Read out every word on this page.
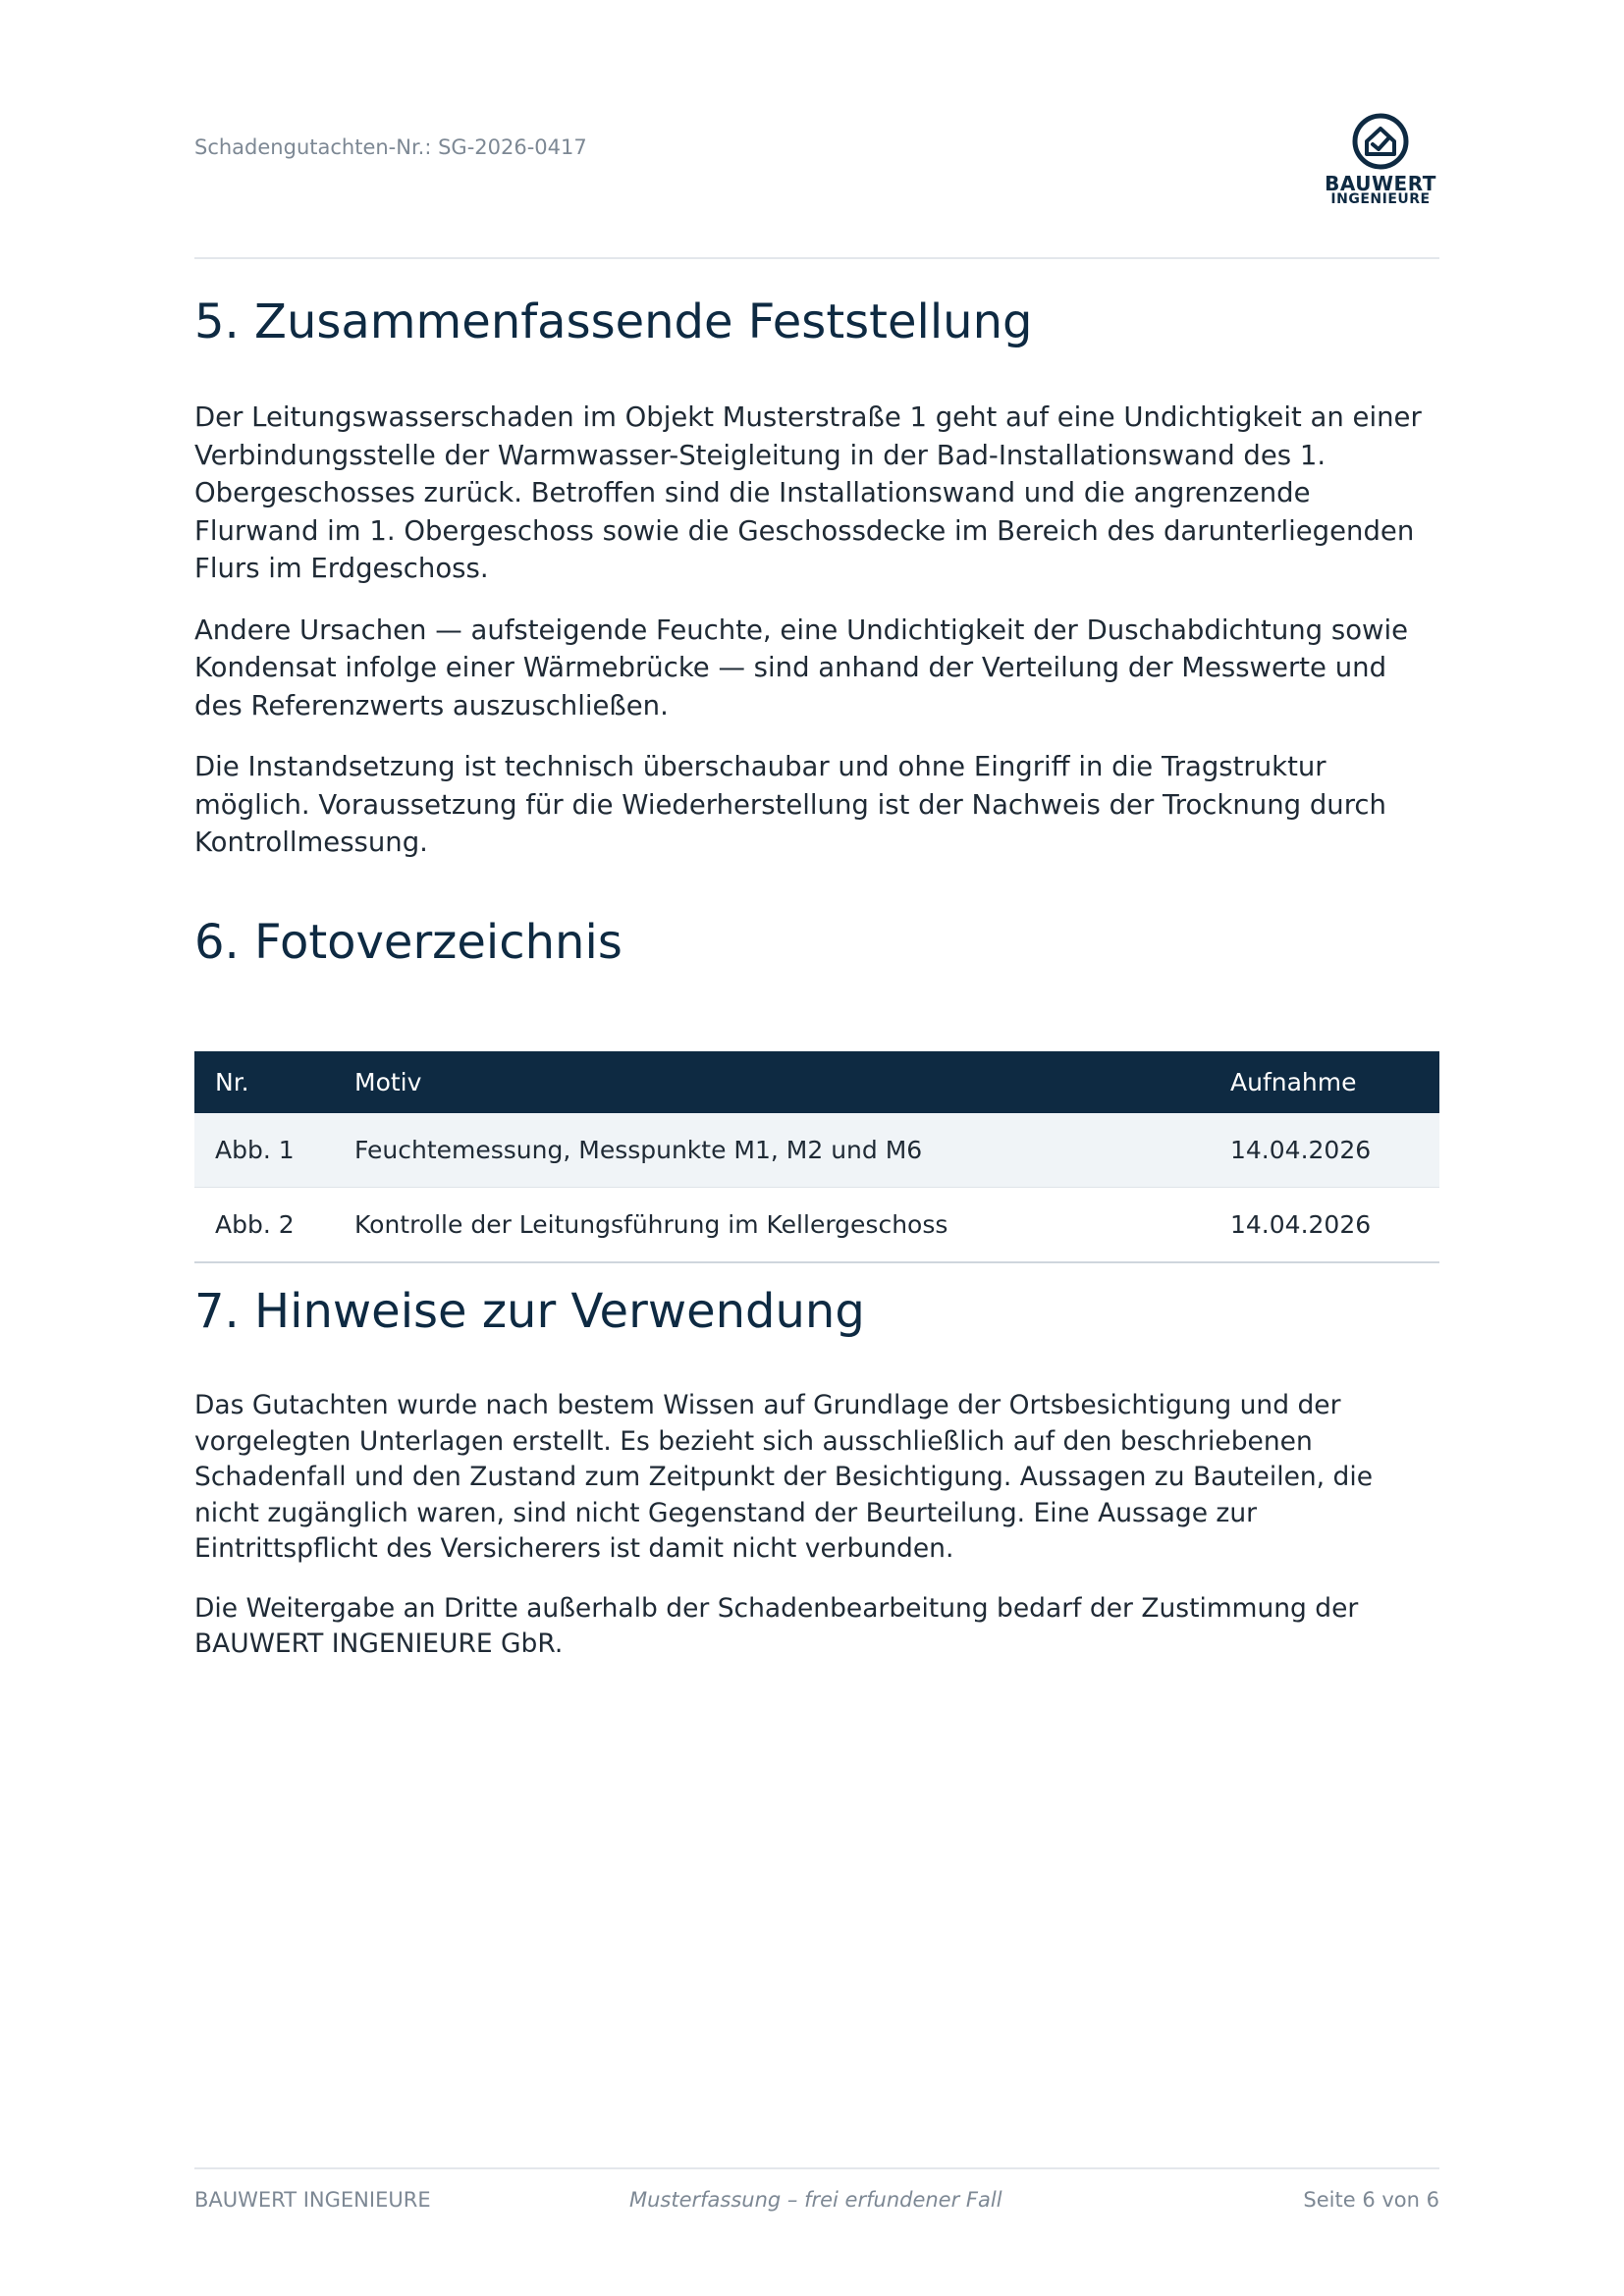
Schadengutachten-Nr.: SG-2026-0417
BAUWERT
INGENIEURE
5. Zusammenfassende Feststellung

Der Leitungswasserschaden im Objekt Musterstraße 1 geht auf eine Undichtigkeit an einer Verbindungsstelle der Warmwasser-Steigleitung in der Bad-Installationswand des 1. Obergeschosses zurück. Betroffen sind die Installationswand und die angrenzende Flurwand im 1. Obergeschoss sowie die Geschossdecke im Bereich des darunterliegenden Flurs im Erdgeschoss.

Andere Ursachen — aufsteigende Feuchte, eine Undichtigkeit der Duschabdichtung sowie Kondensat infolge einer Wärmebrücke — sind anhand der Verteilung der Messwerte und des Referenzwerts auszuschließen.

Die Instandsetzung ist technisch überschaubar und ohne Eingriff in die Tragstruktur möglich. Voraussetzung für die Wiederherstellung ist der Nachweis der Trocknung durch Kontrollmessung.

6. Fotoverzeichnis
Nr.	Motiv	Aufnahme
Abb. 1	Feuchtemessung, Messpunkte M1, M2 und M6	14.04.2026
Abb. 2	Kontrolle der Leitungsführung im Kellergeschoss	14.04.2026
7. Hinweise zur Verwendung

Das Gutachten wurde nach bestem Wissen auf Grundlage der Ortsbesichtigung und der vorgelegten Unterlagen erstellt. Es bezieht sich ausschließlich auf den beschriebenen Schadenfall und den Zustand zum Zeitpunkt der Besichtigung. Aussagen zu Bauteilen, die nicht zugänglich waren, sind nicht Gegenstand der Beurteilung. Eine Aussage zur Eintrittspflicht des Versicherers ist damit nicht verbunden.

Die Weitergabe an Dritte außerhalb der Schadenbearbeitung bedarf der Zustimmung der BAUWERT INGENIEURE GbR.

BAUWERT INGENIEURE	Musterfassung – frei erfundener Fall	Seite 6 von 6
